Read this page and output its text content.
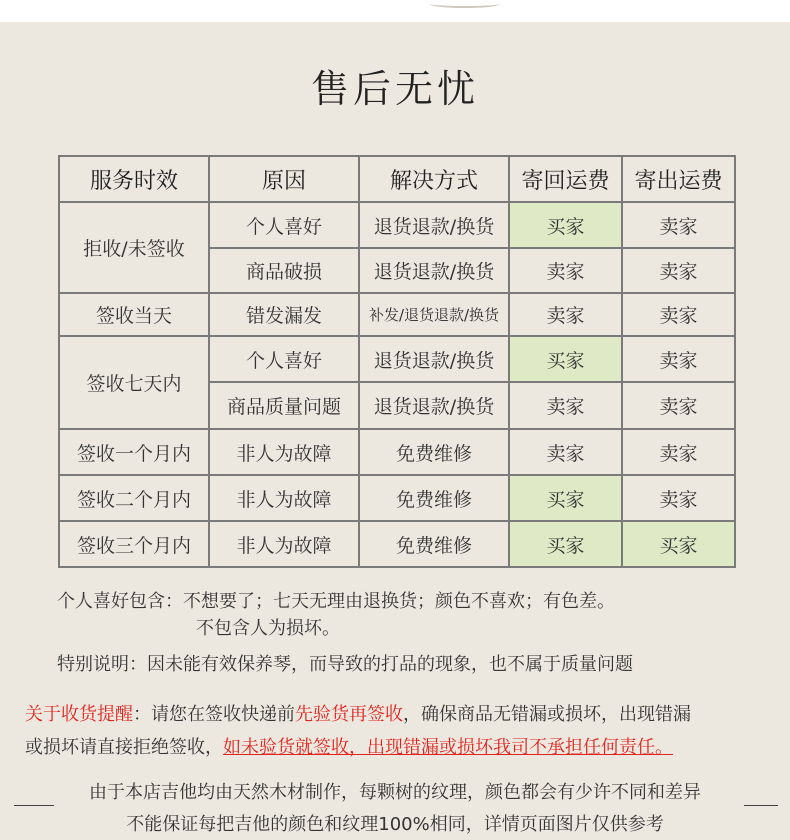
售后无忧
服务时效	原因	解决方式	寄回运费	寄出运费
拒收/未签收	个人喜好	退货退款/换货	买家	卖家
	商品破损	退货退款/换货	卖家	卖家
签收当天	错发漏发	补发/退货退款/换货	卖家	卖家
签收七天内	个人喜好	退货退款/换货	买家	卖家
	商品质量问题	退货退款/换货	卖家	卖家
签收一个月内	非人为故障	免费维修	卖家	卖家
签收二个月内	非人为故障	免费维修	买家	卖家
签收三个月内	非人为故障	免费维修	买家	买家
个人喜好包含：不想要了；七天无理由退换货；颜色不喜欢；有色差。
不包含人为损坏。
特别说明：因未能有效保养琴，而导致的打品的现象，也不属于质量问题
关于收货提醒：请您在签收快递前先验货再签收，确保商品无错漏或损坏，出现错漏
或损坏请直接拒绝签收，如未验货就签收，出现错漏或损坏我司不承担任何责任。
由于本店吉他均由天然木材制作，每颗树的纹理，颜色都会有少许不同和差异
不能保证每把吉他的颜色和纹理100%相同，详情页面图片仅供参考
